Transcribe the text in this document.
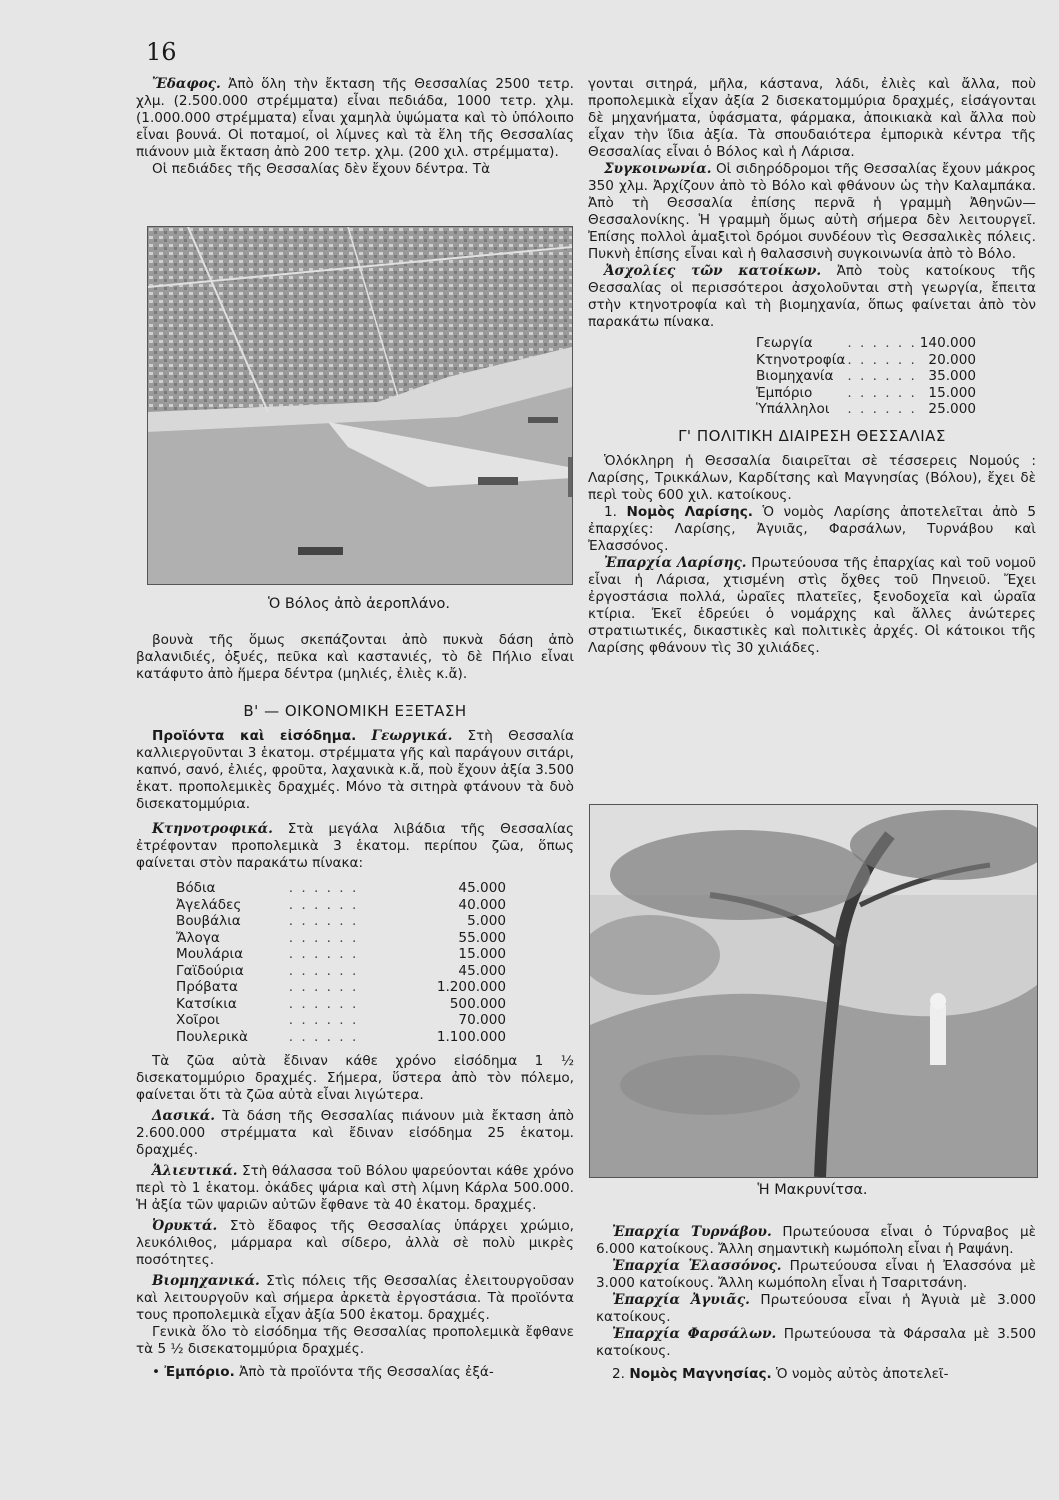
16

Ἔδαφος. Ἀπὸ ὅλη τὴν ἔκταση τῆς Θεσσαλίας 2500 τετρ. χλμ. (2.500.000 στρέμματα) εἶναι πεδιάδα, 1000 τετρ. χλμ. (1.000.000 στρέμματα) εἶναι χαμηλὰ ὑψώματα καὶ τὸ ὑπόλοιπο εἶναι βουνά. Οἱ ποταμοί, οἱ λίμνες καὶ τὰ ἕλη τῆς Θεσσαλίας πιάνουν μιὰ ἔκταση ἀπὸ 200 τετρ. χλμ. (200 χιλ. στρέμματα).

Οἱ πεδιάδες τῆς Θεσσαλίας δὲν ἔχουν δέντρα. Τὰ

Ὁ Βόλος ἀπὸ ἀεροπλάνο.

βουνὰ τῆς ὅμως σκεπάζονται ἀπὸ πυκνὰ δάση ἀπὸ βαλανιδιές, ὀξυές, πεῦκα καὶ καστανιές, τὸ δὲ Πήλιο εἶναι κατάφυτο ἀπὸ ἥμερα δέντρα (μηλιές, ἐλιὲς κ.ἄ).

Β' — ΟΙΚΟΝΟΜΙΚΗ ΕΞΕΤΑΣΗ

Προϊόντα καὶ εἰσόδημα. Γεωργικά. Στὴ Θεσσαλία καλλιεργοῦνται 3 ἑκατομ. στρέμματα γῆς καὶ παράγουν σιτάρι, καπνό, σανό, ἐλιές, φροῦτα, λαχανικὰ κ.ἄ, ποὺ ἔχουν ἀξία 3.500 ἑκατ. προπολεμικὲς δραχμές. Μόνο τὰ σιτηρὰ φτάνουν τὰ δυὸ δισεκατομμύρια.

Κτηνοτροφικά. Στὰ μεγάλα λιβάδια τῆς Θεσσαλίας ἐτρέφονταν προπολεμικὰ 3 ἑκατομ. περίπου ζῶα, ὅπως φαίνεται στὸν παρακάτω πίνακα:

Βόδια	. . . . . .	45.000
Ἀγελάδες	. . . . . .	40.000
Βουβάλια	. . . . . .	5.000
Ἄλογα	. . . . . .	55.000
Μουλάρια	. . . . . .	15.000
Γαϊδούρια	. . . . . .	45.000
Πρόβατα	. . . . . .	1.200.000
Κατσίκια	. . . . . .	500.000
Χοῖροι	. . . . . .	70.000
Πουλερικὰ	. . . . . .	1.100.000

Τὰ ζῶα αὐτὰ ἔδιναν κάθε χρόνο εἰσόδημα 1 ½ δισεκατομμύριο δραχμές. Σήμερα, ὕστερα ἀπὸ τὸν πόλεμο, φαίνεται ὅτι τὰ ζῶα αὐτὰ εἶναι λιγώτερα.

Δασικά. Τὰ δάση τῆς Θεσσαλίας πιάνουν μιὰ ἔκταση ἀπὸ 2.600.000 στρέμματα καὶ ἔδιναν εἰσόδημα 25 ἑκατομ. δραχμές.

Ἁλιευτικά. Στὴ θάλασσα τοῦ Βόλου ψαρεύονται κάθε χρόνο περὶ τὸ 1 ἑκατομ. ὀκάδες ψάρια καὶ στὴ λίμνη Κάρλα 500.000. Ἡ ἀξία τῶν ψαριῶν αὐτῶν ἔφθανε τὰ 40 ἑκατομ. δραχμές.

Ὀρυκτά. Στὸ ἔδαφος τῆς Θεσσαλίας ὑπάρχει χρώμιο, λευκόλιθος, μάρμαρα καὶ σίδερο, ἀλλὰ σὲ πολὺ μικρὲς ποσότητες.

Βιομηχανικά. Στὶς πόλεις τῆς Θεσσαλίας ἐλειτουργοῦσαν καὶ λειτουργοῦν καὶ σήμερα ἀρκετὰ ἐργοστάσια. Τὰ προϊόντα τους προπολεμικὰ εἶχαν ἀξία 500 ἑκατομ. δραχμές.

Γενικὰ ὅλο τὸ εἰσόδημα τῆς Θεσσαλίας προπολεμικὰ ἔφθανε τὰ 5 ½ δισεκατομμύρια δραχμές.

• Ἐμπόριο. Ἀπὸ τὰ προϊόντα τῆς Θεσσαλίας ἐξά-

γονται σιτηρά, μῆλα, κάστανα, λάδι, ἐλιὲς καὶ ἄλλα, ποὺ προπολεμικὰ εἶχαν ἀξία 2 δισεκατομμύρια δραχμές, εἰσάγονται δὲ μηχανήματα, ὑφάσματα, φάρμακα, ἀποικιακὰ καὶ ἄλλα ποὺ εἶχαν τὴν ἴδια ἀξία. Τὰ σπουδαιότερα ἐμπορικὰ κέντρα τῆς Θεσσαλίας εἶναι ὁ Βόλος καὶ ἡ Λάρισα.

Συγκοινωνία. Οἱ σιδηρόδρομοι τῆς Θεσσαλίας ἔχουν μάκρος 350 χλμ. Ἀρχίζουν ἀπὸ τὸ Βόλο καὶ φθάνουν ὡς τὴν Καλαμπάκα. Ἀπὸ τὴ Θεσσαλία ἐπίσης περνᾶ ἡ γραμμὴ Ἀθηνῶν—Θεσσαλονίκης. Ἡ γραμμὴ ὅμως αὐτὴ σήμερα δὲν λειτουργεῖ. Ἐπίσης πολλοὶ ἁμαξιτοὶ δρόμοι συνδέουν τὶς Θεσσαλικὲς πόλεις. Πυκνὴ ἐπίσης εἶναι καὶ ἡ θαλασσινὴ συγκοινωνία ἀπὸ τὸ Βόλο.

Ἀσχολίες τῶν κατοίκων. Ἀπὸ τοὺς κατοίκους τῆς Θεσσαλίας οἱ περισσότεροι ἀσχολοῦνται στὴ γεωργία, ἔπειτα στὴν κτηνοτροφία καὶ τὴ βιομηχανία, ὅπως φαίνεται ἀπὸ τὸν παρακάτω πίνακα.

Γεωργία	. . . . . .	140.000
Κτηνοτροφία	. . . . . .	20.000
Βιομηχανία	. . . . . .	35.000
Ἐμπόριο	. . . . . .	15.000
Ὑπάλληλοι	. . . . . .	25.000
Γ' ΠΟΛΙΤΙΚΗ ΔΙΑΙΡΕΣΗ ΘΕΣΣΑΛΙΑΣ

Ὁλόκληρη ἡ Θεσσαλία διαιρεῖται σὲ τέσσερεις Νομούς : Λαρίσης, Τρικκάλων, Καρδίτσης καὶ Μαγνησίας (Βόλου), ἔχει δὲ περὶ τοὺς 600 χιλ. κατοίκους.

1. Νομὸς Λαρίσης. Ὁ νομὸς Λαρίσης ἀποτελεῖται ἀπὸ 5 ἐπαρχίες: Λαρίσης, Ἀγυιᾶς, Φαρσάλων, Τυρνάβου καὶ Ἐλασσόνος.

Ἐπαρχία Λαρίσης. Πρωτεύουσα τῆς ἐπαρχίας καὶ τοῦ νομοῦ εἶναι ἡ Λάρισα, χτισμένη στὶς ὄχθες τοῦ Πηνειοῦ. Ἔχει ἐργοστάσια πολλά, ὡραῖες πλατεῖες, ξενοδοχεῖα καὶ ὡραῖα κτίρια. Ἐκεῖ ἑδρεύει ὁ νομάρχης καὶ ἄλλες ἀνώτερες στρατιωτικές, δικαστικὲς καὶ πολιτικὲς ἀρχές. Οἱ κάτοικοι τῆς Λαρίσης φθάνουν τὶς 30 χιλιάδες.

Ἡ Μακρυνίτσα.

Ἐπαρχία Τυρνάβου. Πρωτεύουσα εἶναι ὁ Τύρναβος μὲ 6.000 κατοίκους. Ἄλλη σημαντικὴ κωμόπολη εἶναι ἡ Ραψάνη.

Ἐπαρχία Ἐλασσόνος. Πρωτεύουσα εἶναι ἡ Ἐλασσόνα μὲ 3.000 κατοίκους. Ἄλλη κωμόπολη εἶναι ἡ Τσαριτσάνη.

Ἐπαρχία Ἀγυιᾶς. Πρωτεύουσα εἶναι ἡ Ἀγυιὰ μὲ 3.000 κατοίκους.

Ἐπαρχία Φαρσάλων. Πρωτεύουσα τὰ Φάρσαλα μὲ 3.500 κατοίκους.

2. Νομὸς Μαγνησίας. Ὁ νομὸς αὐτὸς ἀποτελεῖ-
